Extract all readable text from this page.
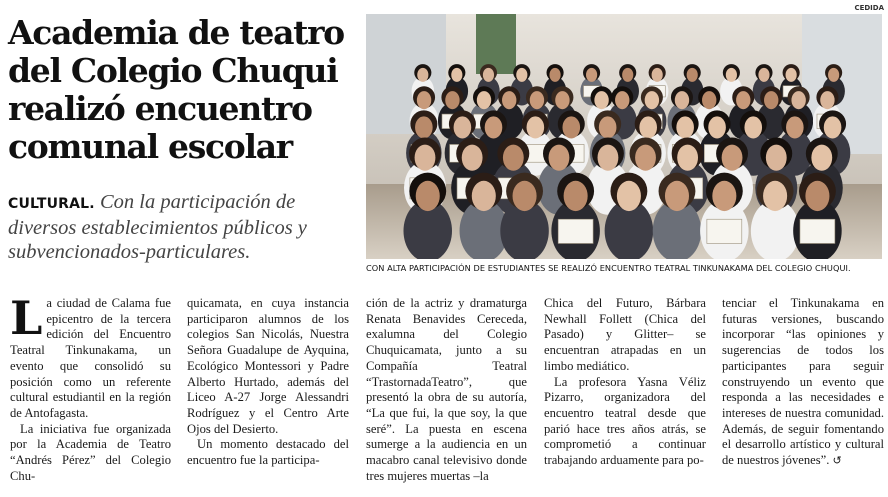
Academia de teatro del Colegio Chuqui realizó encuentro comunal escolar
CULTURAL. Con la participación de diversos establecimientos públicos y subvencionados-particulares.
CEDIDA
CON ALTA PARTICIPACIÓN DE ESTUDIANTES SE REALIZÓ ENCUENTRO TEATRAL TINKUNAKAMA DEL COLEGIO CHUQUI.

La ciudad de Calama fue epicentro de la tercera edición del Encuentro Teatral Tinkunakama, un evento que consolidó su posición como un referente cultural estudiantil en la región de Antofagasta.

La iniciativa fue organizada por la Academia de Teatro “Andrés Pérez” del Colegio Chu-

quicamata, en cuya instancia participaron alumnos de los colegios San Nicolás, Nuestra Señora Guadalupe de Ayquina, Ecológico Montessori y Padre Alberto Hurtado, además del Liceo A-27 Jorge Alessandri Rodríguez y el Centro Arte Ojos del Desierto.

Un momento destacado del encuentro fue la participa-

ción de la actriz y dramaturga Renata Benavides Cereceda, exalumna del Colegio Chuquicamata, junto a su Compañía Teatral “TrastornadaTeatro”, que presentó la obra de su autoría, “La que fui, la que soy, la que seré”. La puesta en escena sumerge a la audiencia en un macabro canal televisivo donde tres mujeres muertas –la

Chica del Futuro, Bárbara Newhall Follett (Chica del Pasado) y Glitter– se encuentran atrapadas en un limbo mediático.

La profesora Yasna Véliz Pizarro, organizadora del encuentro teatral desde que parió hace tres años atrás, se comprometió a continuar trabajando arduamente para po-

tenciar el Tinkunakama en futuras versiones, buscando incorporar “las opiniones y sugerencias de todos los participantes para seguir construyendo un evento que responda a las necesidades e intereses de nuestra comunidad. Además, de seguir fomentando el desarrollo artístico y cultural de nuestros jóvenes”. ↺
